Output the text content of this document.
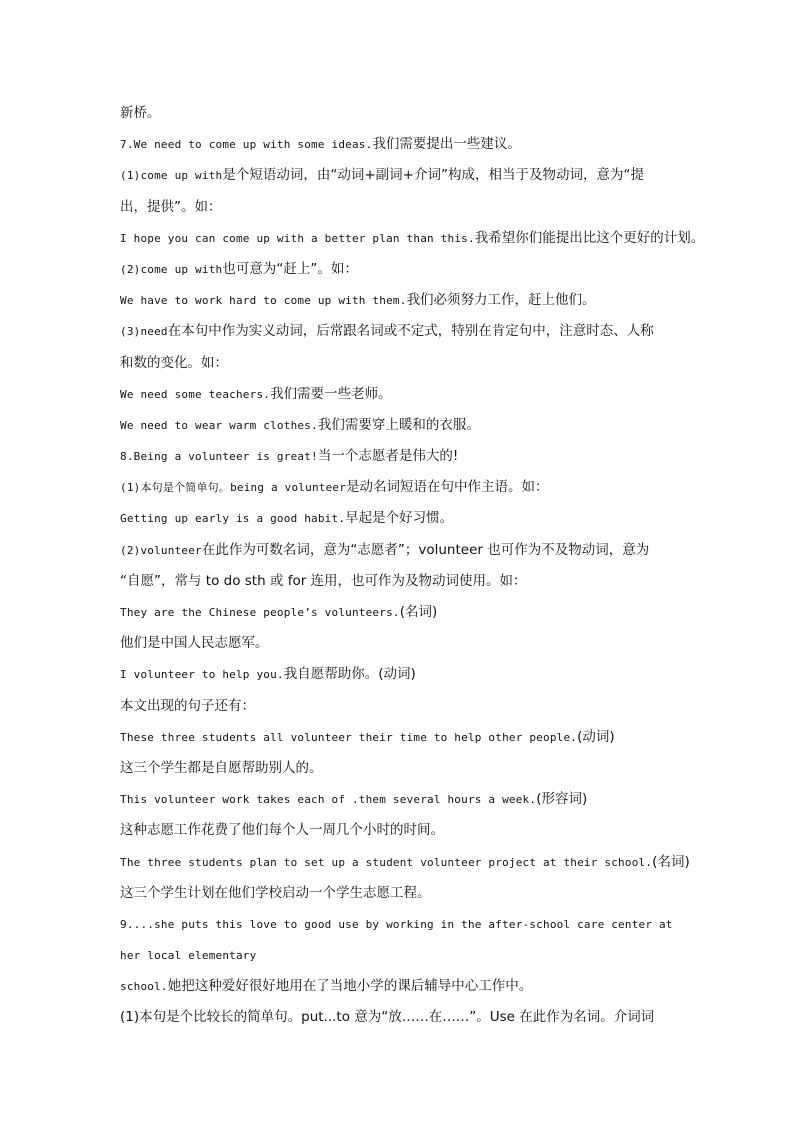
新桥。
7.We need to come up with some ideas.我们需要提出一些建议。
(1)come up with是个短语动词，由“动词+副词+介词”构成，相当于及物动词，意为“提
出，提供”。如：
I hope you can come up with a better plan than this.我希望你们能提出比这个更好的计划。
(2)come up with也可意为“赶上”。如：
We have to work hard to come up with them.我们必须努力工作，赶上他们。
(3)need在本句中作为实义动词，后常跟名词或不定式，特别在肯定句中，注意时态、人称
和数的变化。如：
We need some teachers.我们需要一些老师。
We need to wear warm clothes.我们需要穿上暖和的衣服。
8.Being a volunteer is great!当一个志愿者是伟大的!
(1)本句是个简单句。being a volunteer是动名词短语在句中作主语。如：
Getting up early is a good habit.早起是个好习惯。
(2)volunteer在此作为可数名词，意为“志愿者”；volunteer 也可作为不及物动词，意为
“自愿”，常与 to do sth 或 for 连用，也可作为及物动词使用。如：
They are the Chinese people’s volunteers.(名词)
他们是中国人民志愿军。
I volunteer to help you.我自愿帮助你。(动词)
本文出现的句子还有：
These three students all volunteer their time to help other people.(动词)
这三个学生都是自愿帮助别人的。
This volunteer work takes each of .them several hours a week.(形容词)
这种志愿工作花费了他们每个人一周几个小时的时间。
The three students plan to set up a student volunteer project at their school.(名词)
这三个学生计划在他们学校启动一个学生志愿工程。
9....she puts this love to good use by working in the after-school care center at
her local elementary
school.她把这种爱好很好地用在了当地小学的课后辅导中心工作中。
(1)本句是个比较长的简单句。put...to 意为“放……在……”。Use 在此作为名词。介词词
